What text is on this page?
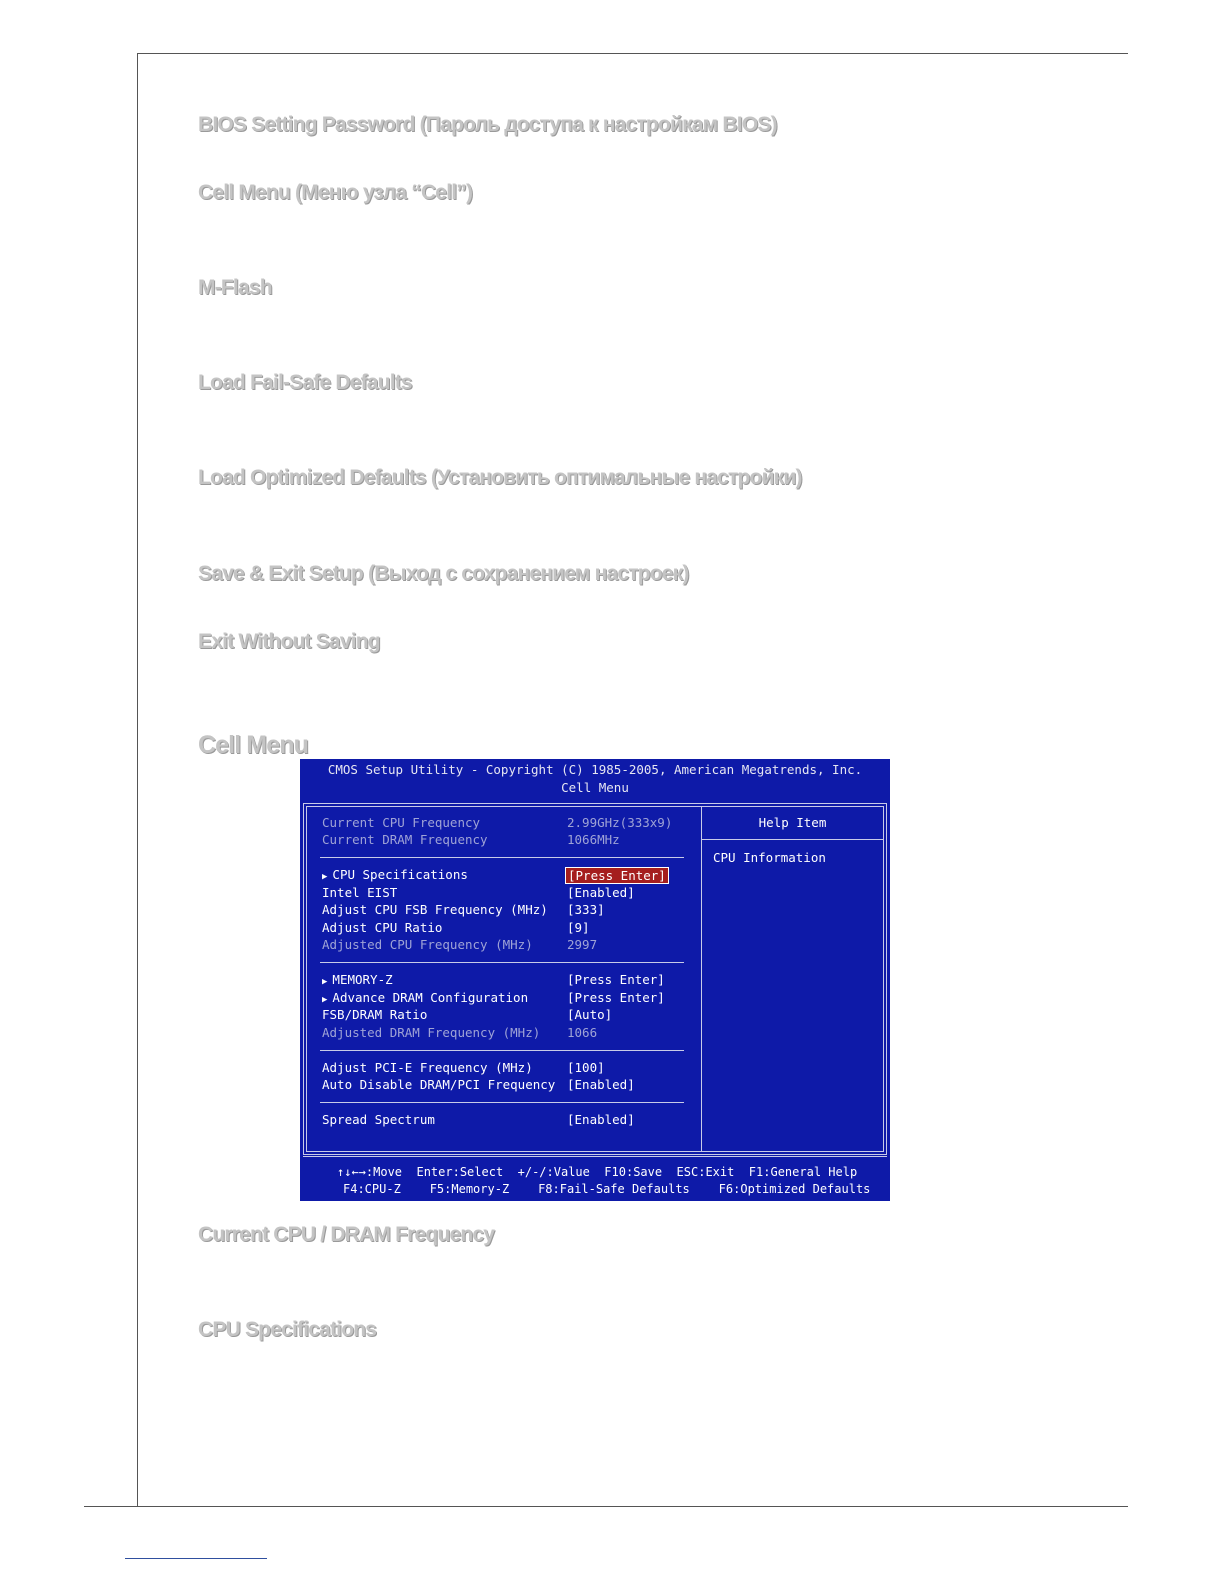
BIOS Setting Password (Пароль доступа к настройкам BIOS)
Cell Menu (Меню узла “Cell”)
M-Flash
Load Fail-Safe Defaults
Load Optimized Defaults (Установить оптимальные настройки)
Save & Exit Setup (Выход с сохранением настроек)
Exit Without Saving
Cell Menu
CMOS Setup Utility - Copyright (C) 1985-2005, American Megatrends, Inc.
Cell Menu
Help Item
CPU Information
Current CPU Frequency	2.99GHz(333x9)
Current DRAM Frequency	1066MHz
▶ CPU Specifications	[Press Enter]
Intel EIST	[Enabled]
Adjust CPU FSB Frequency (MHz) [333]
Adjust CPU Ratio	[9]
Adjusted CPU Frequency (MHz)	2997
▶ MEMORY-Z	[Press Enter]
▶ Advance DRAM Configuration	[Press Enter]
FSB/DRAM Ratio	[Auto]
Adjusted DRAM Frequency (MHz) 1066
Adjust PCI-E Frequency (MHz)	[100]
Auto Disable DRAM/PCI Frequency [Enabled]
Spread Spectrum	[Enabled]
↑↓←→:Move  Enter:Select  +/-/:Value  F10:Save  ESC:Exit  F1:General Help
F4:CPU-Z    F5:Memory-Z    F8:Fail-Safe Defaults    F6:Optimized Defaults
Current CPU / DRAM Frequency
CPU Specifications
